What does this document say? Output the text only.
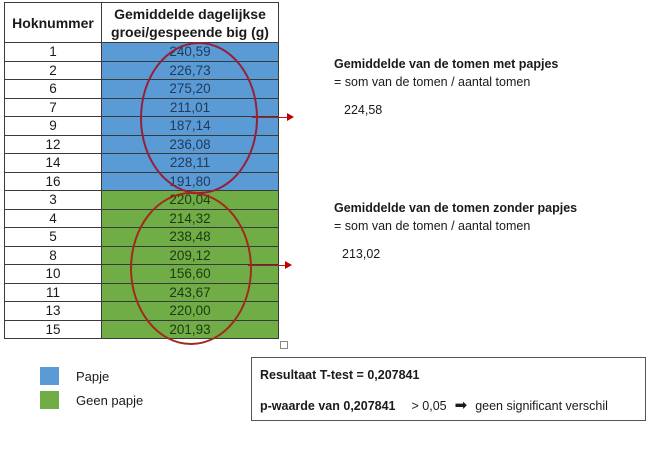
Hoknummer	Gemiddelde dagelijkse
groei/gespeende big (g)
1	240,59
2	226,73
6	275,20
7	211,01
9	187,14
12	236,08
14	228,11
16	191,80
3	220,04
4	214,32
5	238,48
8	209,12
10	156,60
11	243,67
13	220,00
15	201,93
Gemiddelde van de tomen met papjes
= som van de tomen / aantal tomen
224,58
Gemiddelde van de tomen zonder papjes
= som van de tomen / aantal tomen
213,02
Papje
Geen papje
Resultaat T-test = 0,207841
p-waarde van 0,207841 > 0,05 ➡ geen significant verschil
